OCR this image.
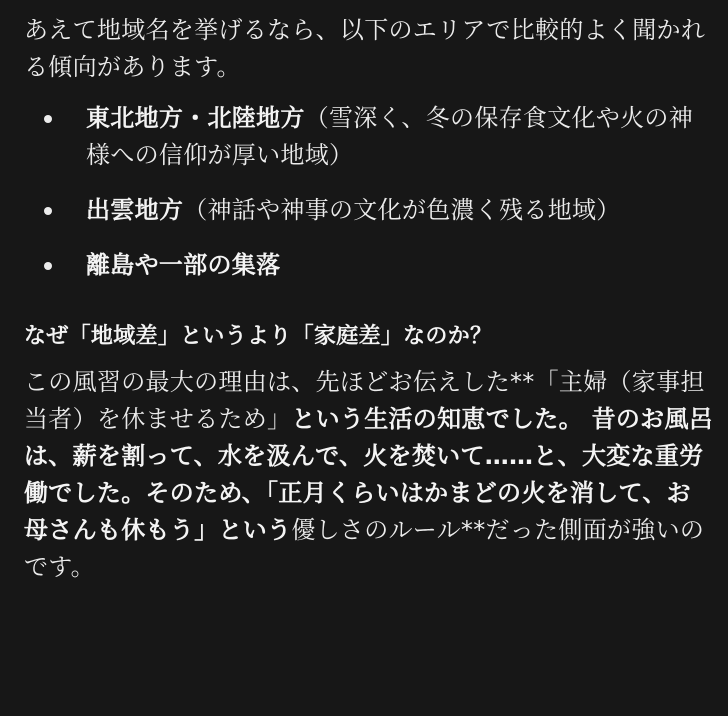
あえて地域名を挙げるなら、以下のエリアで比較的よく聞かれる傾向があります。

東北地方・北陸地方（雪深く、冬の保存食文化や火の神様への信仰が厚い地域）
出雲地方（神話や神事の文化が色濃く残る地域）
離島や一部の集落
なぜ「地域差」というより「家庭差」なのか？

この風習の最大の理由は、先ほどお伝えした**「主婦（家事担当者）を休ませるため」という生活の知恵でした。 昔のお風呂は、薪を割って、水を汲んで、火を焚いて……と、大変な重労働でした。そのため、「正月くらいはかまどの火を消して、お母さんも休もう」という優しさのルール**だった側面が強いのです。
